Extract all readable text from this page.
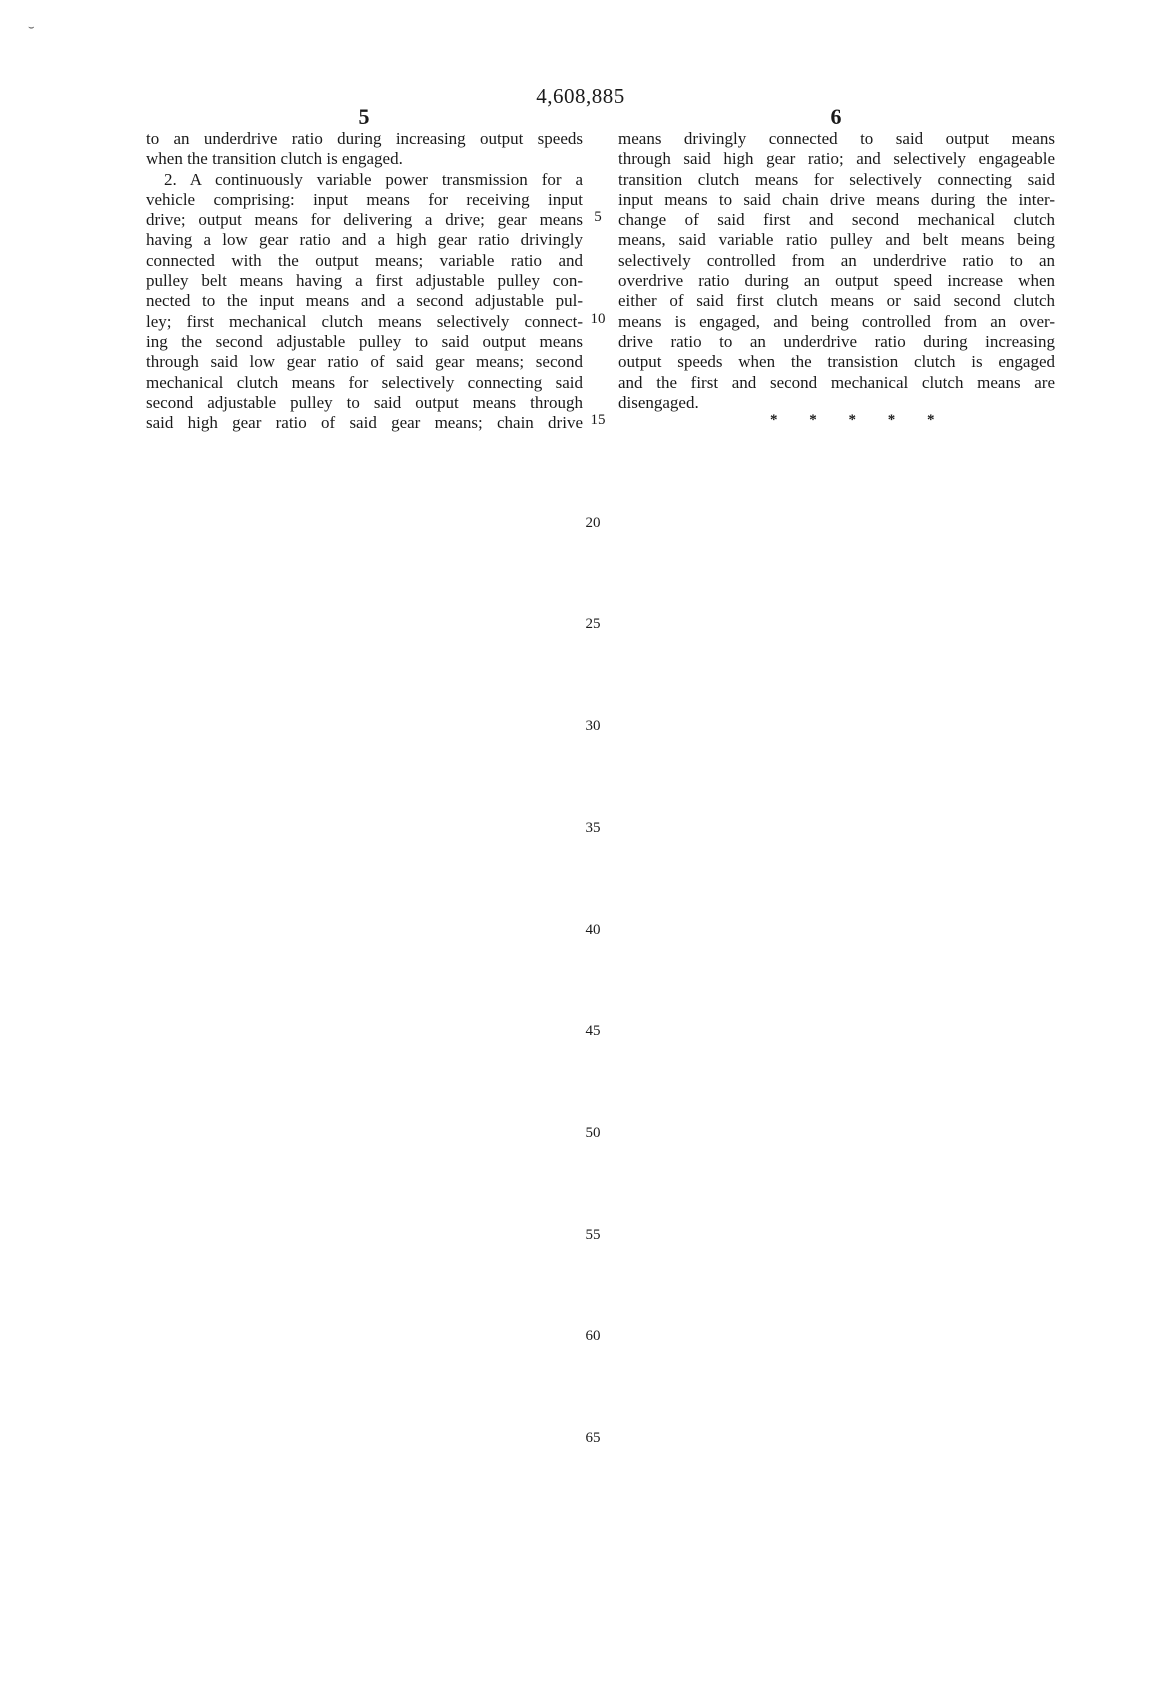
⌣
4,608,885
5	6
to an underdrive ratio during increasing output speeds
when the transition clutch is engaged.
2. A continuously variable power transmission for a
vehicle comprising: input means for receiving input
drive; output means for delivering a drive; gear means
having a low gear ratio and a high gear ratio drivingly
connected with the output means; variable ratio and
pulley belt means having a first adjustable pulley con-
nected to the input means and a second adjustable pul-
ley; first mechanical clutch means selectively connect-
ing the second adjustable pulley to said output means
through said low gear ratio of said gear means; second
mechanical clutch means for selectively connecting said
second adjustable pulley to said output means through
said high gear ratio of said gear means; chain drive
means drivingly connected to said output means
through said high gear ratio; and selectively engageable
transition clutch means for selectively connecting said
input means to said chain drive means during the inter-
change of said first and second mechanical clutch
means, said variable ratio pulley and belt means being
selectively controlled from an underdrive ratio to an
overdrive ratio during an output speed increase when
either of said first clutch means or said second clutch
means is engaged, and being controlled from an over-
drive ratio to an underdrive ratio during increasing
output speeds when the transistion clutch is engaged
and the first and second mechanical clutch means are
disengaged.
* * * * *
5
10
15
20
25
30
35
40
45
50
55
60
65
